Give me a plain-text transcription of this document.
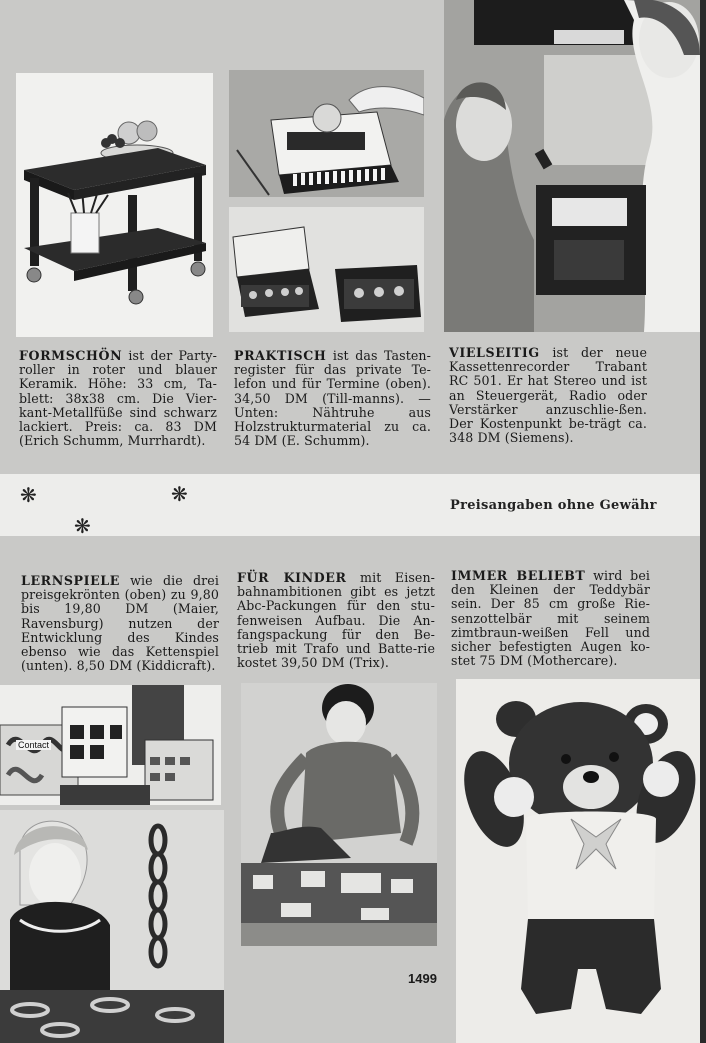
FORMSCHÖN ist der Party-roller in roter und blauer Keramik. Höhe: 33 cm, Ta-blett: 38x38 cm. Die Vier-kant-Metallfüße sind schwarz lackiert. Preis: ca. 83 DM (Erich Schumm, Murrhardt).
PRAKTISCH ist das Tasten-register für das private Te-lefon und für Termine (oben). 34,50 DM (Till-manns). — Unten: Nähtruhe aus Holzstrukturmaterial zu ca. 54 DM (E. Schumm).
VIELSEITIG ist der neue Kassettenrecorder Trabant RC 501. Er hat Stereo und ist an Steuergerät, Radio oder Verstärker anzuschlie-ßen. Der Kostenpunkt be-trägt ca. 348 DM (Siemens).
❋	❋
❋
Preisangaben ohne Gewähr
LERNSPIELE wie die drei preisgekrönten (oben) zu 9,80 bis 19,80 DM (Maier, Ravensburg) nutzen der Entwicklung des Kindes ebenso wie das Kettenspiel (unten). 8,50 DM (Kiddicraft).
FÜR KINDER mit Eisen-bahnambitionen gibt es jetzt Abc-Packungen für den stu-fenweisen Aufbau. Die An-fangspackung für den Be-trieb mit Trafo und Batte-rie kostet 39,50 DM (Trix).
IMMER BELIEBT wird bei den Kleinen der Teddybär sein. Der 85 cm große Rie-senzottelbär mit seinem zimtbraun-weißen Fell und sicher befestigten Augen ko-stet 75 DM (Mothercare).
Contact
1499
